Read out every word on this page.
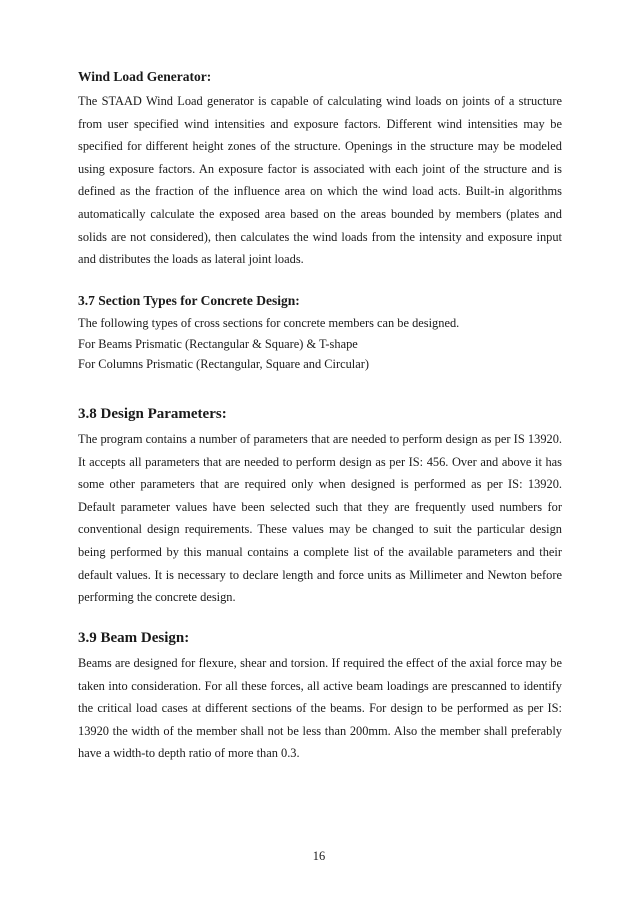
Wind Load Generator:

The STAAD Wind Load generator is capable of calculating wind loads on joints of a structure from user specified wind intensities and exposure factors. Different wind intensities may be specified for different height zones of the structure. Openings in the structure may be modeled using exposure factors. An exposure factor is associated with each joint of the structure and is defined as the fraction of the influence area on which the wind load acts. Built-in algorithms automatically calculate the exposed area based on the areas bounded by members (plates and solids are not considered), then calculates the wind loads from the intensity and exposure input and distributes the loads as lateral joint loads.

3.7 Section Types for Concrete Design:

The following types of cross sections for concrete members can be designed.

For Beams Prismatic (Rectangular & Square) & T-shape

For Columns Prismatic (Rectangular, Square and Circular)

3.8 Design Parameters:

The program contains a number of parameters that are needed to perform design as per IS 13920. It accepts all parameters that are needed to perform design as per IS: 456. Over and above it has some other parameters that are required only when designed is performed as per IS: 13920. Default parameter values have been selected such that they are frequently used numbers for conventional design requirements. These values may be changed to suit the particular design being performed by this manual contains a complete list of the available parameters and their default values. It is necessary to declare length and force units as Millimeter and Newton before performing the concrete design.

3.9 Beam Design:

Beams are designed for flexure, shear and torsion. If required the effect of the axial force may be taken into consideration. For all these forces, all active beam loadings are prescanned to identify the critical load cases at different sections of the beams. For design to be performed as per IS: 13920 the width of the member shall not be less than 200mm. Also the member shall preferably have a width-to depth ratio of more than 0.3.

16
